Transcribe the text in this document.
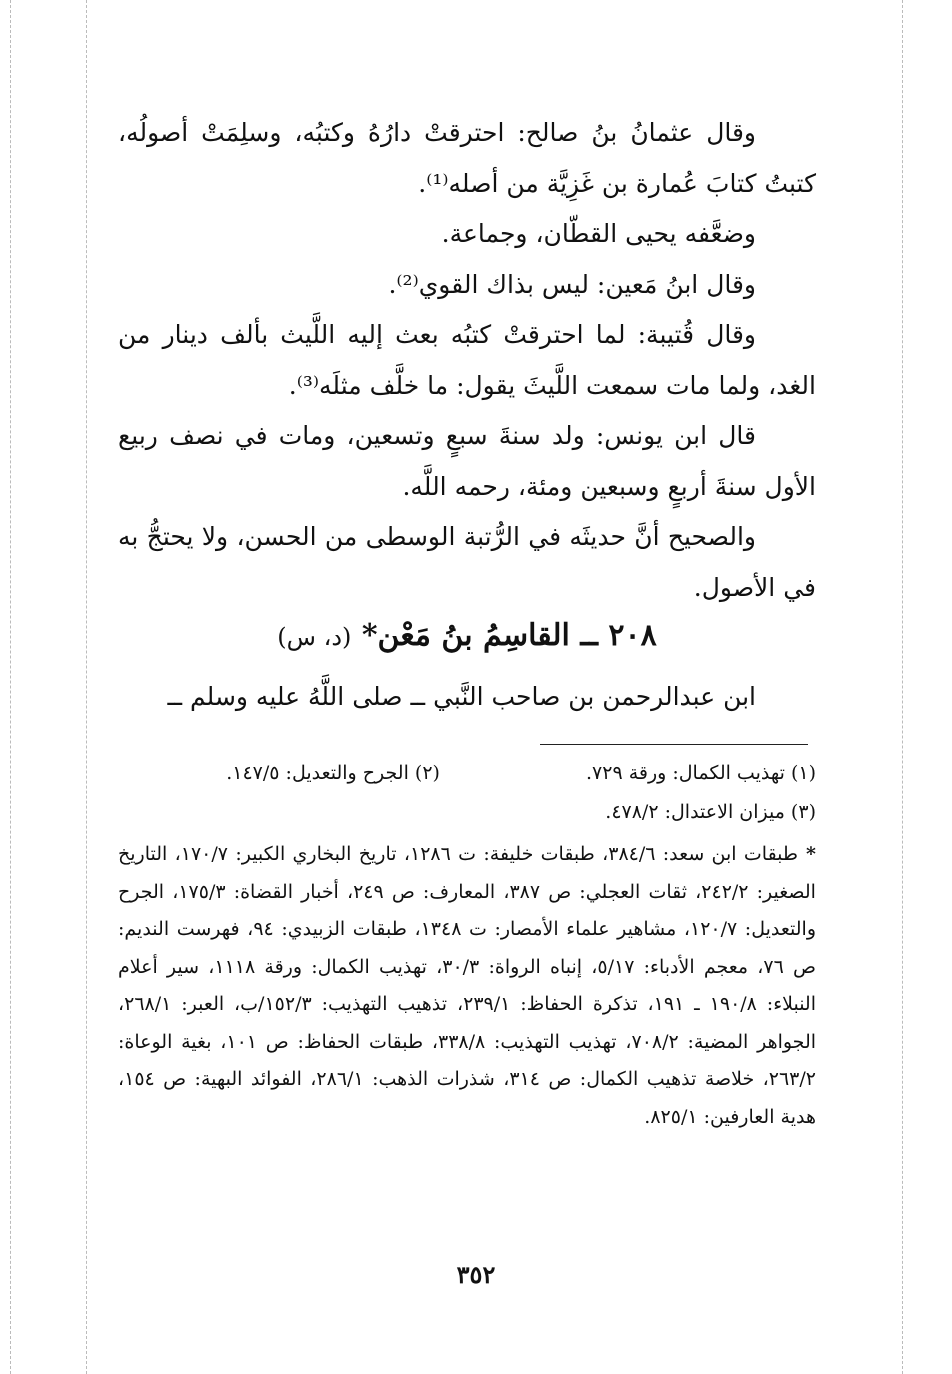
وقال عثمانُ بنُ صالح: احترقتْ دارُهُ وكتبُه، وسلِمَتْ أصولُه، كتبتُ كتابَ عُمارة بن غَزِيَّة من أصله⁽¹⁾.

وضعَّفه يحيى القطّان، وجماعة.

وقال ابنُ مَعين: ليس بذاك القوي⁽²⁾.

وقال قُتيبة: لما احترقتْ كتبُه بعث إليه اللَّيث بألف دينار من الغد، ولما مات سمعت اللَّيثَ يقول: ما خلَّف مثلَه⁽³⁾.

قال ابن يونس: ولد سنةَ سبعٍ وتسعين، ومات في نصف ربيع الأول سنةَ أربعٍ وسبعين ومئة، رحمه اللَّه.

والصحيح أنَّ حديثَه في الرُّتبة الوسطى من الحسن، ولا يحتجُّ به في الأصول.

٢٠٨ ــ القاسِمُ بنُ مَعْن* (د، س)
ابن عبدالرحمن بن صاحب النَّبي ــ صلى اللَّهُ عليه وسلم ــ
(١) تهذيب الكمال: ورقة ٧٢٩. (٢) الجرح والتعديل: ١٤٧/٥.
(٣) ميزان الاعتدال: ٤٧٨/٢.
*طبقات ابن سعد: ٣٨٤/٦، طبقات خليفة: ت ١٢٨٦، تاريخ البخاري الكبير: ١٧٠/٧، التاريخ الصغير: ٢٤٢/٢، ثقات العجلي: ص ٣٨٧، المعارف: ص ٢٤٩، أخبار القضاة: ١٧٥/٣، الجرح والتعديل: ١٢٠/٧، مشاهير علماء الأمصار: ت ١٣٤٨، طبقات الزبيدي: ٩٤، فهرست النديم: ص ٧٦، معجم الأدباء: ٥/١٧، إنباه الرواة: ٣٠/٣، تهذيب الكمال: ورقة ١١١٨، سير أعلام النبلاء: ١٩٠/٨ ـ ١٩١، تذكرة الحفاظ: ٢٣٩/١، تذهيب التهذيب: ١٥٢/٣/ب، العبر: ٢٦٨/١، الجواهر المضية: ٧٠٨/٢، تهذيب التهذيب: ٣٣٨/٨، طبقات الحفاظ: ص ١٠١، بغية الوعاة: ٢٦٣/٢، خلاصة تذهيب الكمال: ص ٣١٤، شذرات الذهب: ٢٨٦/١، الفوائد البهية: ص ١٥٤، هدية العارفين: ٨٢٥/١.
٣٥٢
